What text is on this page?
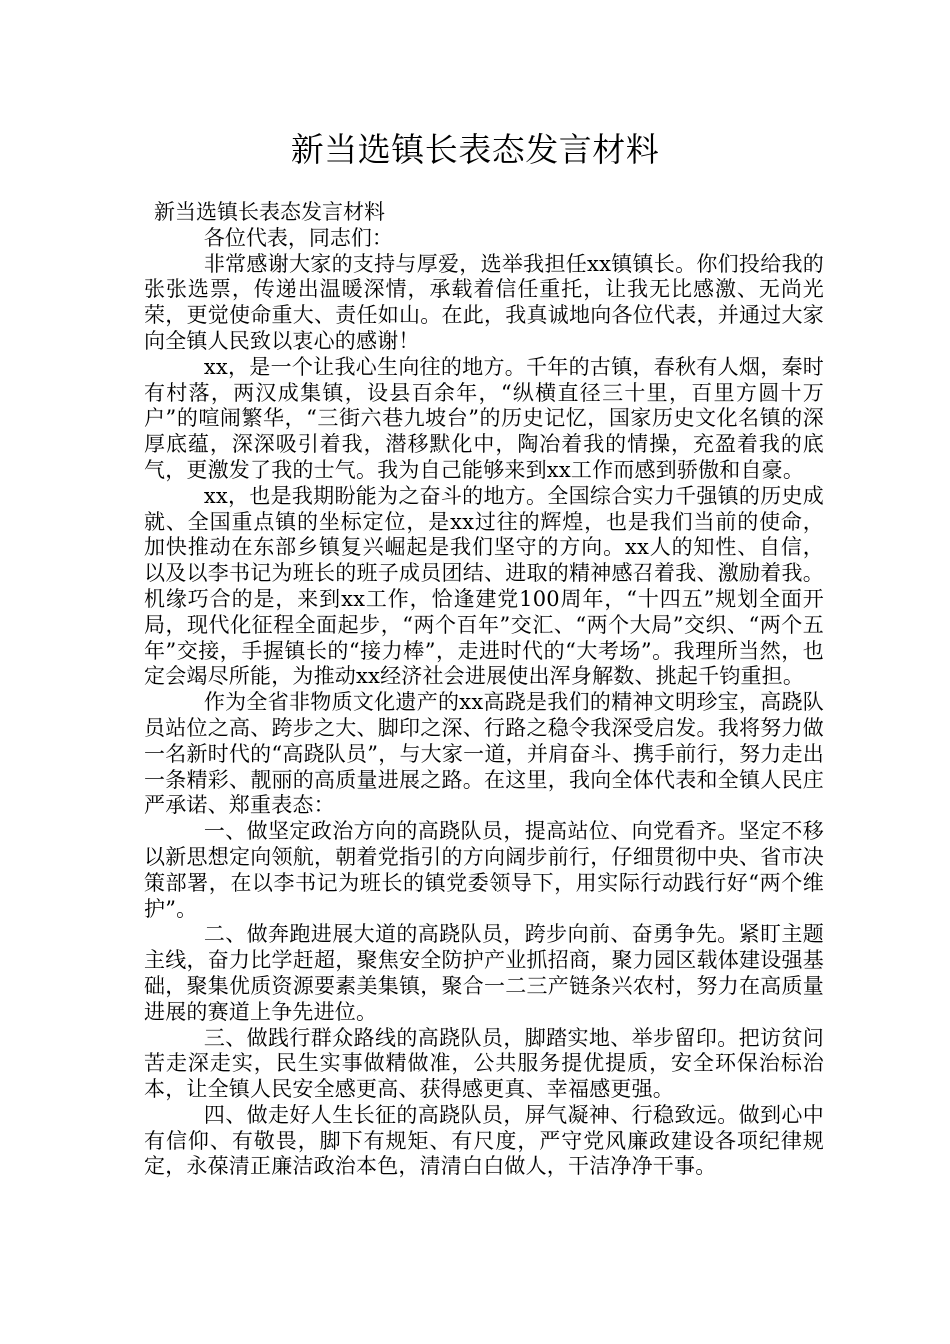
新当选镇长表态发言材料

新当选镇长表态发言材料

各位代表，同志们：

非常感谢大家的支持与厚爱，选举我担任xx镇镇长。你们投给我的张张选票，传递出温暖深情，承载着信任重托，让我无比感激、无尚光荣，更觉使命重大、责任如山。在此，我真诚地向各位代表，并通过大家向全镇人民致以衷心的感谢！

xx，是一个让我心生向往的地方。千年的古镇，春秋有人烟，秦时有村落，两汉成集镇，设县百余年，“纵横直径三十里，百里方圆十万户”的喧闹繁华，“三街六巷九坡台”的历史记忆，国家历史文化名镇的深厚底蕴，深深吸引着我，潜移默化中，陶冶着我的情操，充盈着我的底气，更激发了我的士气。我为自己能够来到xx工作而感到骄傲和自豪。

xx，也是我期盼能为之奋斗的地方。全国综合实力千强镇的历史成就、全国重点镇的坐标定位，是xx过往的辉煌，也是我们当前的使命，加快推动在东部乡镇复兴崛起是我们坚守的方向。xx人的知性、自信，以及以李书记为班长的班子成员团结、进取的精神感召着我、激励着我。机缘巧合的是，来到xx工作，恰逢建党100周年，“十四五”规划全面开局，现代化征程全面起步，“两个百年”交汇、“两个大局”交织、“两个五年”交接，手握镇长的“接力棒”，走进时代的“大考场”。我理所当然，也定会竭尽所能，为推动xx经济社会进展使出浑身解数、挑起千钧重担。

作为全省非物质文化遗产的xx高跷是我们的精神文明珍宝，高跷队员站位之高、跨步之大、脚印之深、行路之稳令我深受启发。我将努力做一名新时代的“高跷队员”，与大家一道，并肩奋斗、携手前行，努力走出一条精彩、靓丽的高质量进展之路。在这里，我向全体代表和全镇人民庄严承诺、郑重表态：

一、做坚定政治方向的高跷队员，提高站位、向党看齐。坚定不移以新思想定向领航，朝着党指引的方向阔步前行，仔细贯彻中央、省市决策部署，在以李书记为班长的镇党委领导下，用实际行动践行好“两个维护”。

二、做奔跑进展大道的高跷队员，跨步向前、奋勇争先。紧盯主题主线，奋力比学赶超，聚焦安全防护产业抓招商，聚力园区载体建设强基础，聚集优质资源要素美集镇，聚合一二三产链条兴农村，努力在高质量进展的赛道上争先进位。

三、做践行群众路线的高跷队员，脚踏实地、举步留印。把访贫问苦走深走实，民生实事做精做准，公共服务提优提质，安全环保治标治本，让全镇人民安全感更高、获得感更真、幸福感更强。

四、做走好人生长征的高跷队员，屏气凝神、行稳致远。做到心中有信仰、有敬畏，脚下有规矩、有尺度，严守党风廉政建设各项纪律规定，永葆清正廉洁政治本色，清清白白做人，干洁净净干事。
